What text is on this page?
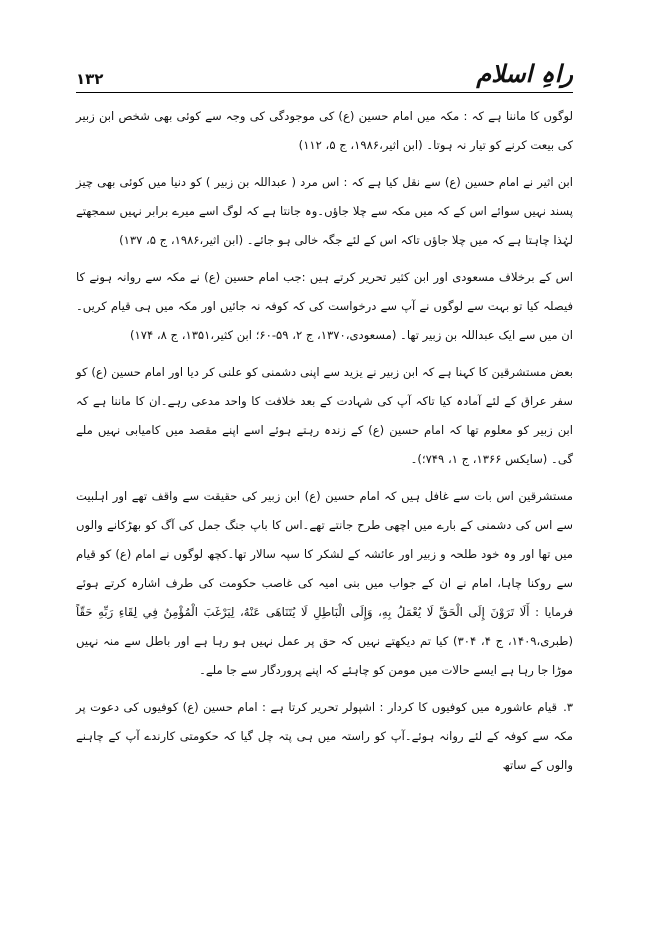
۱۳۲	راہِ اسلام

لوگوں کا ماننا ہے کہ : مکہ میں امام حسین (ع) کی موجودگی کی وجہ سے کوئی بھی شخص ابن زبیر کی بیعت کرنے کو تیار نہ ہوتا۔ (ابن اثیر،۱۹۸۶، ج ۵، ۱۱۲)

ابن اثیر نے امام حسین (ع) سے نقل کیا ہے کہ : اس مرد ( عبداللہ بن زبیر ) کو دنیا میں کوئی بھی چیز پسند نہیں سوائے اس کے کہ میں مکہ سے چلا جاؤں۔وہ جانتا ہے کہ لوگ اسے میرے برابر نہیں سمجھتے لہٰذا چاہتا ہے کہ میں چلا جاؤں تاکہ اس کے لئے جگہ خالی ہو جائے۔ (ابن اثیر،۱۹۸۶، ج ۵، ۱۳۷)

اس کے برخلاف مسعودی اور ابن کثیر تحریر کرتے ہیں :جب امام حسین (ع) نے مکہ سے روانہ ہونے کا فیصلہ کیا تو بہت سے لوگوں نے آپ سے درخواست کی کہ کوفہ نہ جائیں اور مکہ میں ہی قیام کریں۔ان میں سے ایک عبداللہ بن زبیر تھا۔ (مسعودی،۱۳۷۰، ج ۲، ۵۹-۶۰؛ ابن کثیر،۱۳۵۱، ج ۸، ۱۷۴)

بعض مستشرقین کا کہنا ہے کہ ابن زبیر نے یزید سے اپنی دشمنی کو علنی کر دیا اور امام حسین (ع) کو سفر عراق کے لئے آمادہ کیا تاکہ آپ کی شہادت کے بعد خلافت کا واحد مدعی رہے۔ان کا ماننا ہے کہ ابن زبیر کو معلوم تھا کہ امام حسین (ع) کے زندہ رہتے ہوئے اسے اپنے مقصد میں کامیابی نہیں ملے گی۔ (سایکس ۱۳۶۶، ج ۱، ۷۴۹؛)۔

مستشرقین اس بات سے غافل ہیں کہ امام حسین (ع) ابن زبیر کی حقیقت سے واقف تھے اور اہلبیت سے اس کی دشمنی کے بارے میں اچھی طرح جانتے تھے۔اس کا باپ جنگ جمل کی آگ کو بھڑکانے والوں میں تھا اور وہ خود طلحہ و زبیر اور عائشہ کے لشکر کا سپہ سالار تھا۔کچھ لوگوں نے امام (ع) کو قیام سے روکنا چاہا، امام نے ان کے جواب میں بنی امیہ کی غاصب حکومت کی طرف اشارہ کرتے ہوئے فرمایا : أَلَا تَرَوْنَ إِلَى الْحَقِّ لَا يُعْمَلُ بِهِ، وَإِلَى الْبَاطِلِ لَا يُتَنَاهَى عَنْهُ، لِيَرْغَبَ الْمُؤْمِنُ فِي لِقَاءِ رَبِّهِ حَقّاً (طبری،۱۴۰۹، ج ۴، ۳۰۴) کیا تم دیکھتے نہیں کہ حق پر عمل نہیں ہو رہا ہے اور باطل سے منہ نہیں موڑا جا رہا ہے ایسے حالات میں مومن کو چاہئے کہ اپنے پروردگار سے جا ملے۔

۳.قیام عاشورہ میں کوفیوں کا کردار : اشپولر تحریر کرتا ہے : امام حسین (ع) کوفیوں کی دعوت پر مکہ سے کوفہ کے لئے روانہ ہوئے۔آپ کو راستہ میں ہی پتہ چل گیا کہ حکومتی کارندے آپ کے چاہنے والوں کے ساتھ
